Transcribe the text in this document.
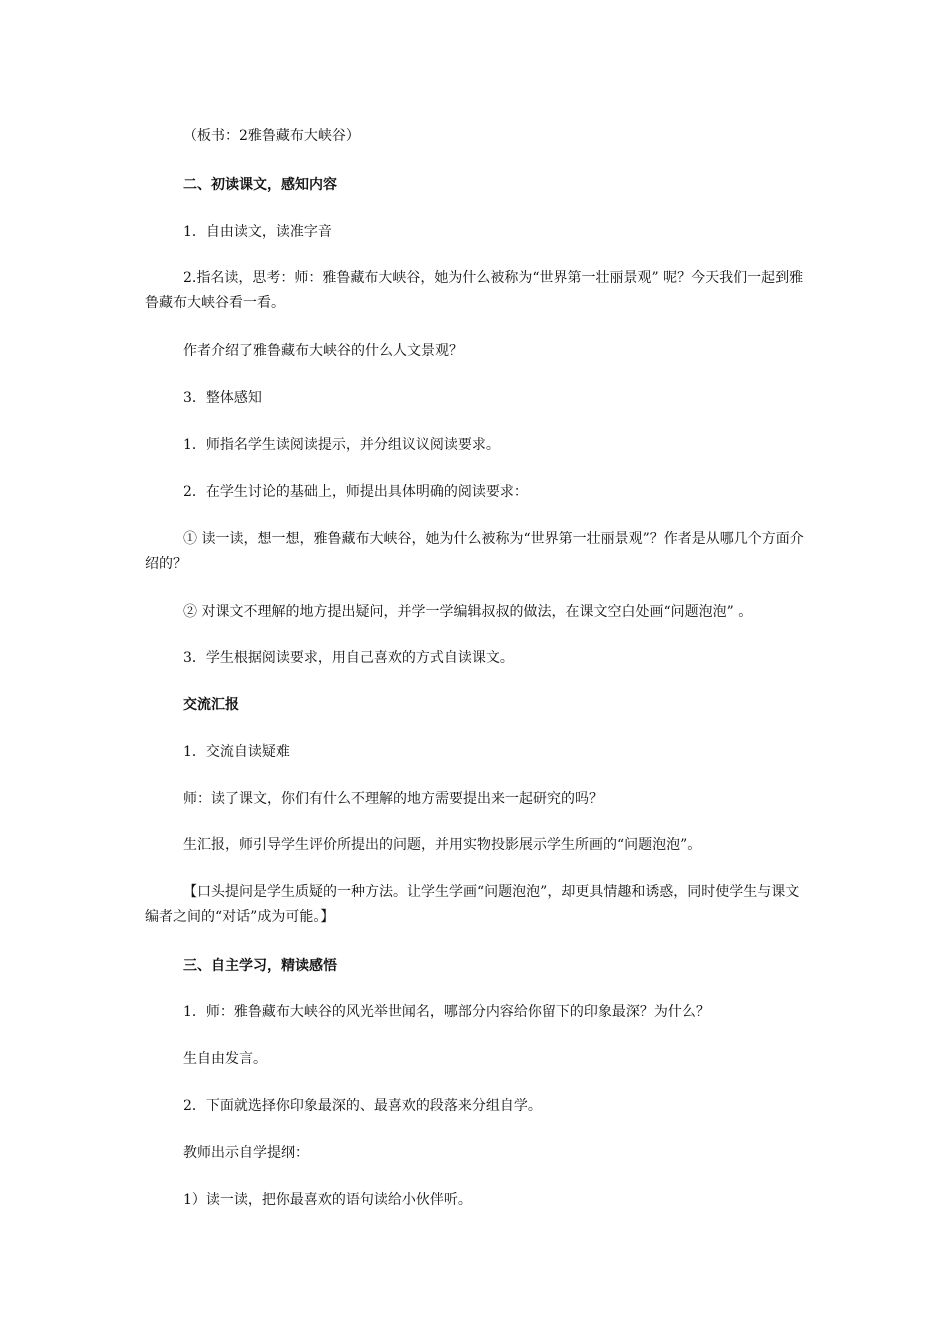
（板书：2雅鲁藏布大峡谷）
二、初读课文，感知内容
1．自由读文，读准字音
2.指名读，思考：师：雅鲁藏布大峡谷，她为什么被称为“世界第一壮丽景观” 呢？今天我们一起到雅鲁藏布大峡谷看一看。
作者介绍了雅鲁藏布大峡谷的什么人文景观？
3．整体感知
1．师指名学生读阅读提示，并分组议议阅读要求。
2．在学生讨论的基础上，师提出具体明确的阅读要求：
① 读一读，想一想，雅鲁藏布大峡谷，她为什么被称为“世界第一壮丽景观”？作者是从哪几个方面介绍的？
② 对课文不理解的地方提出疑问，并学一学编辑叔叔的做法，在课文空白处画“问题泡泡” 。
3．学生根据阅读要求，用自己喜欢的方式自读课文。
交流汇报
1．交流自读疑难
师：读了课文，你们有什么不理解的地方需要提出来一起研究的吗？
生汇报，师引导学生评价所提出的问题，并用实物投影展示学生所画的“问题泡泡”。
【口头提问是学生质疑的一种方法。让学生学画“问题泡泡”，却更具情趣和诱惑，同时使学生与课文编者之间的“对话”成为可能。】
三、自主学习，精读感悟
1．师：雅鲁藏布大峡谷的风光举世闻名，哪部分内容给你留下的印象最深？为什么？
生自由发言。
2．下面就选择你印象最深的、最喜欢的段落来分组自学。
教师出示自学提纲：
1）读一读，把你最喜欢的语句读给小伙伴听。
